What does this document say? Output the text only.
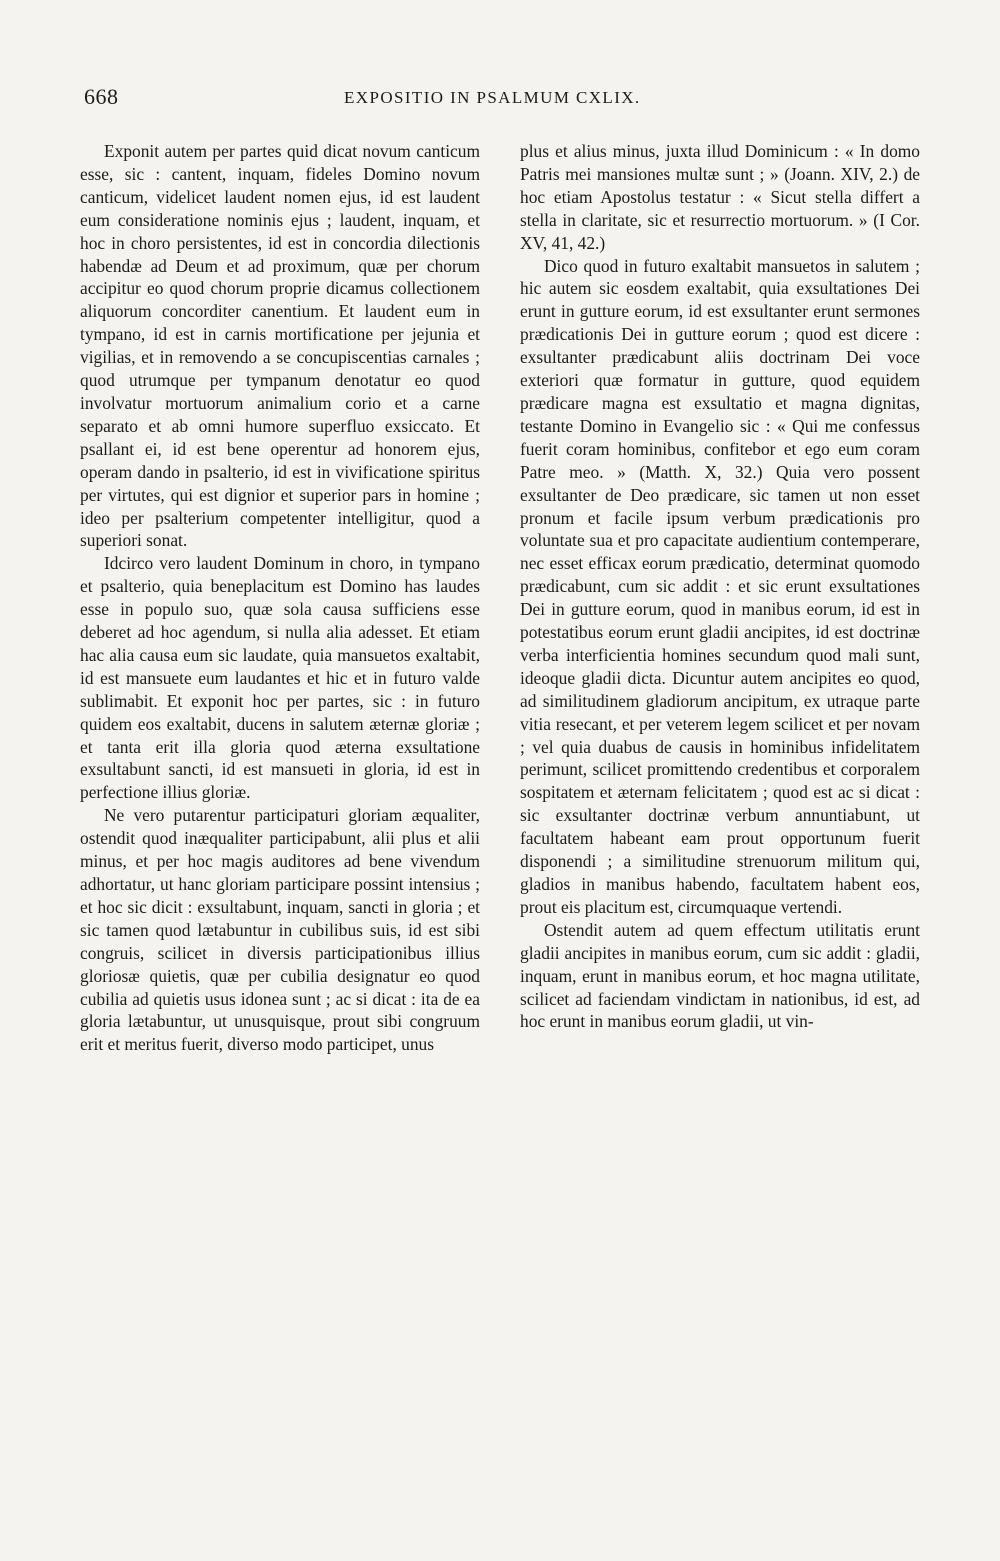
668	EXPOSITIO IN PSALMUM CXLIX.

Exponit autem per partes quid dicat novum canticum esse, sic : cantent, inquam, fideles Domino novum canticum, videlicet laudent nomen ejus, id est laudent eum consideratione nominis ejus ; laudent, inquam, et hoc in choro persistentes, id est in concordia dilectionis habendæ ad Deum et ad proximum, quæ per chorum accipitur eo quod chorum proprie dicamus collectionem aliquorum concorditer canentium. Et laudent eum in tympano, id est in carnis mortificatione per jejunia et vigilias, et in removendo a se concupiscentias carnales ; quod utrumque per tympanum denotatur eo quod involvatur mortuorum animalium corio et a carne separato et ab omni humore superfluo exsiccato. Et psallant ei, id est bene operentur ad honorem ejus, operam dando in psalterio, id est in vivificatione spiritus per virtutes, qui est dignior et superior pars in homine ; ideo per psalterium competenter intelligitur, quod a superiori sonat.

Idcirco vero laudent Dominum in choro, in tympano et psalterio, quia beneplacitum est Domino has laudes esse in populo suo, quæ sola causa sufficiens esse deberet ad hoc agendum, si nulla alia adesset. Et etiam hac alia causa eum sic laudate, quia mansuetos exaltabit, id est mansuete eum laudantes et hic et in futuro valde sublimabit. Et exponit hoc per partes, sic : in futuro quidem eos exaltabit, ducens in salutem æternæ gloriæ ; et tanta erit illa gloria quod æterna exsultatione exsultabunt sancti, id est mansueti in gloria, id est in perfectione illius gloriæ.

Ne vero putarentur participaturi gloriam æqualiter, ostendit quod inæqualiter participabunt, alii plus et alii minus, et per hoc magis auditores ad bene vivendum adhortatur, ut hanc gloriam participare possint intensius ; et hoc sic dicit : exsultabunt, inquam, sancti in gloria ; et sic tamen quod lætabuntur in cubilibus suis, id est sibi congruis, scilicet in diversis participationibus illius gloriosæ quietis, quæ per cubilia designatur eo quod cubilia ad quietis usus idonea sunt ; ac si dicat : ita de ea gloria lætabuntur, ut unusquisque, prout sibi congruum erit et meritus fuerit, diverso modo participet, unus

plus et alius minus, juxta illud Dominicum : « In domo Patris mei mansiones multæ sunt ; » (Joann. XIV, 2.) de hoc etiam Apostolus testatur : « Sicut stella differt a stella in claritate, sic et resurrectio mortuorum. » (I Cor. XV, 41, 42.)

Dico quod in futuro exaltabit mansuetos in salutem ; hic autem sic eosdem exaltabit, quia exsultationes Dei erunt in gutture eorum, id est exsultanter erunt sermones prædicationis Dei in gutture eorum ; quod est dicere : exsultanter prædicabunt aliis doctrinam Dei voce exteriori quæ formatur in gutture, quod equidem prædicare magna est exsultatio et magna dignitas, testante Domino in Evangelio sic : « Qui me confessus fuerit coram hominibus, confitebor et ego eum coram Patre meo. » (Matth. X, 32.) Quia vero possent exsultanter de Deo prædicare, sic tamen ut non esset pronum et facile ipsum verbum prædicationis pro voluntate sua et pro capacitate audientium contemperare, nec esset efficax eorum prædicatio, determinat quomodo prædicabunt, cum sic addit : et sic erunt exsultationes Dei in gutture eorum, quod in manibus eorum, id est in potestatibus eorum erunt gladii ancipites, id est doctrinæ verba interficientia homines secundum quod mali sunt, ideoque gladii dicta. Dicuntur autem ancipites eo quod, ad similitudinem gladiorum ancipitum, ex utraque parte vitia resecant, et per veterem legem scilicet et per novam ; vel quia duabus de causis in hominibus infidelitatem perimunt, scilicet promittendo credentibus et corporalem sospitatem et æternam felicitatem ; quod est ac si dicat : sic exsultanter doctrinæ verbum annuntiabunt, ut facultatem habeant eam prout opportunum fuerit disponendi ; a similitudine strenuorum militum qui, gladios in manibus habendo, facultatem habent eos, prout eis placitum est, circumquaque vertendi.

Ostendit autem ad quem effectum utilitatis erunt gladii ancipites in manibus eorum, cum sic addit : gladii, inquam, erunt in manibus eorum, et hoc magna utilitate, scilicet ad faciendam vindictam in nationibus, id est, ad hoc erunt in manibus eorum gladii, ut vin-
